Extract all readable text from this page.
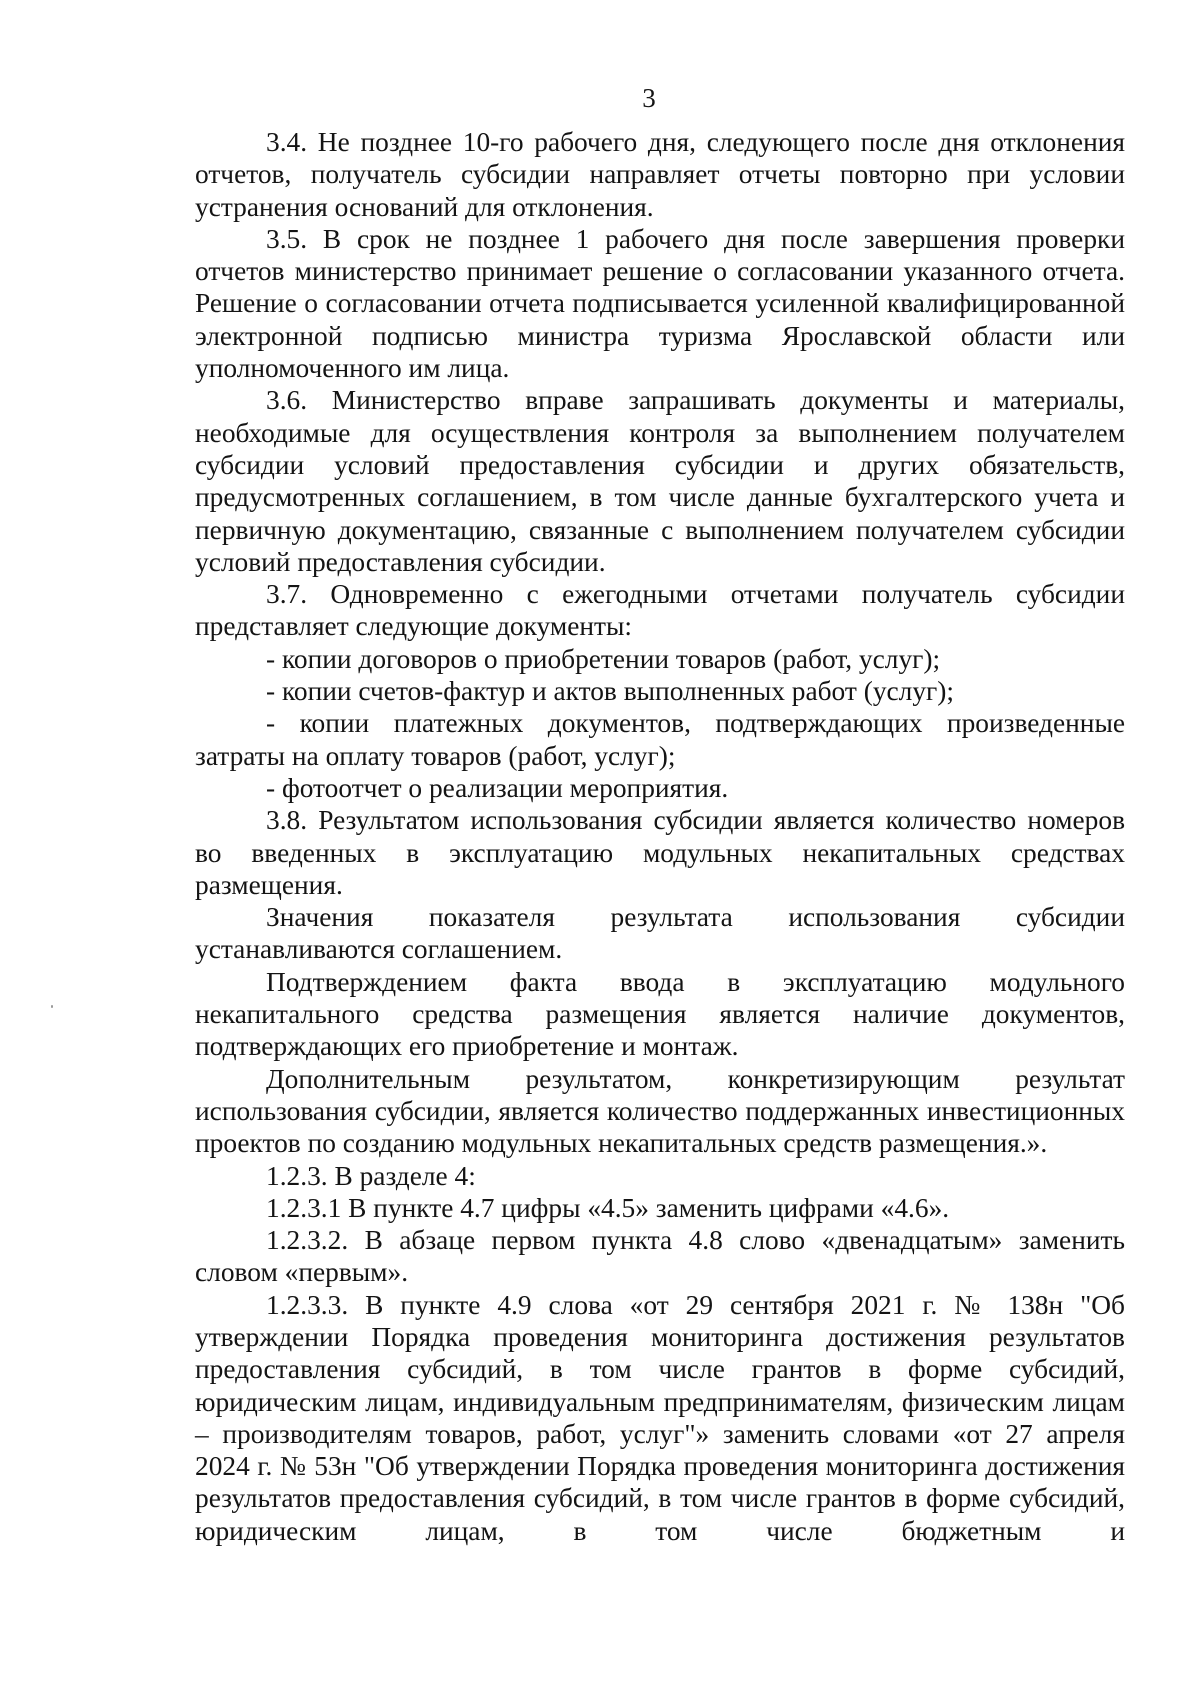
3

3.4. Не позднее 10-го рабочего дня, следующего после дня отклонения отчетов, получатель субсидии направляет отчеты повторно при условии устранения оснований для отклонения.

3.5. В срок не позднее 1 рабочего дня после завершения проверки отчетов министерство принимает решение о согласовании указанного отчета. Решение о согласовании отчета подписывается усиленной квалифицированной электронной подписью министра туризма Ярославской области или уполномоченного им лица.

3.6. Министерство вправе запрашивать документы и материалы, необходимые для осуществления контроля за выполнением получателем субсидии условий предоставления субсидии и других обязательств, предусмотренных соглашением, в том числе данные бухгалтерского учета и первичную документацию, связанные с выполнением получателем субсидии условий предоставления субсидии.

3.7. Одновременно с ежегодными отчетами получатель субсидии представляет следующие документы:

- копии договоров о приобретении товаров (работ, услуг);

- копии счетов-фактур и актов выполненных работ (услуг);

- копии платежных документов, подтверждающих произведенные затраты на оплату товаров (работ, услуг);

- фотоотчет о реализации мероприятия.

3.8. Результатом использования субсидии является количество номеров во введенных в эксплуатацию модульных некапитальных средствах размещения.

Значения показателя результата использования субсидии устанавливаются соглашением.

Подтверждением факта ввода в эксплуатацию модульного некапитального средства размещения является наличие документов, подтверждающих его приобретение и монтаж.

Дополнительным результатом, конкретизирующим результат использования субсидии, является количество поддержанных инвестиционных проектов по созданию модульных некапитальных средств размещения.».

1.2.3. В разделе 4:

1.2.3.1 В пункте 4.7 цифры «4.5» заменить цифрами «4.6».

1.2.3.2. В абзаце первом пункта 4.8 слово «двенадцатым» заменить словом «первым».

1.2.3.3. В пункте 4.9 слова «от 29 сентября 2021 г. № 138н "Об утверждении Порядка проведения мониторинга достижения результатов предоставления субсидий, в том числе грантов в форме субсидий, юридическим лицам, индивидуальным предпринимателям, физическим лицам – производителям товаров, работ, услуг"» заменить словами «от 27 апреля 2024 г. № 53н "Об утверждении Порядка проведения мониторинга достижения результатов предоставления субсидий, в том числе грантов в форме субсидий, юридическим лицам, в том числе бюджетным и
